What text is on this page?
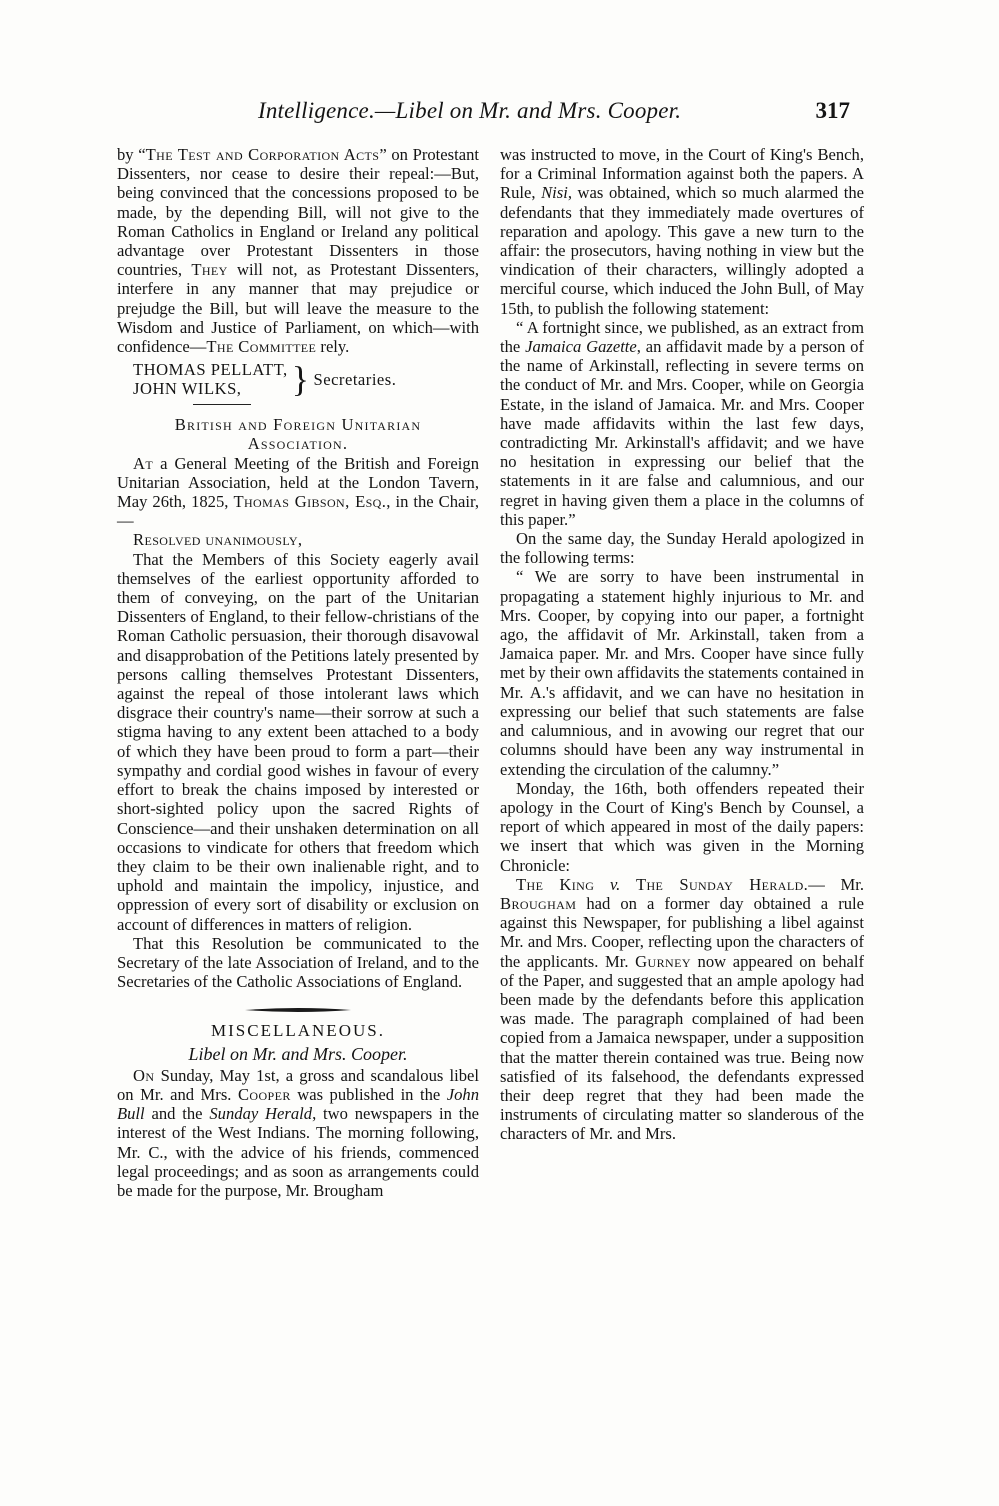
Intelligence.—Libel on Mr. and Mrs. Cooper.	317

by “The Test and Corporation Acts” on Protestant Dissenters, nor cease to desire their repeal:—But, being convinced that the concessions proposed to be made, by the depending Bill, will not give to the Roman Catholics in England or Ireland any political advantage over Protestant Dissenters in those countries, They will not, as Protestant Dissenters, interfere in any manner that may prejudice or prejudge the Bill, but will leave the measure to the Wisdom and Justice of Parliament, on which—with confidence—The Committee rely.

THOMAS PELLATT,
JOHN WILKS,	} Secretaries.

British and Foreign Unitarian

Association.

At a General Meeting of the British and Foreign Unitarian Association, held at the London Tavern, May 26th, 1825, Thomas Gibson, Esq., in the Chair,—

Resolved unanimously,

That the Members of this Society eagerly avail themselves of the earliest opportunity afforded to them of conveying, on the part of the Unitarian Dissenters of England, to their fellow-christians of the Roman Catholic persuasion, their thorough disavowal and disapprobation of the Petitions lately presented by persons calling themselves Protestant Dissenters, against the repeal of those intolerant laws which disgrace their country's name—their sorrow at such a stigma having to any extent been attached to a body of which they have been proud to form a part—their sympathy and cordial good wishes in favour of every effort to break the chains imposed by interested or short-sighted policy upon the sacred Rights of Conscience—and their unshaken determination on all occasions to vindicate for others that freedom which they claim to be their own inalienable right, and to uphold and maintain the impolicy, injustice, and oppression of every sort of disability or exclusion on account of differences in matters of religion.

That this Resolution be communicated to the Secretary of the late Association of Ireland, and to the Secretaries of the Catholic Associations of England.

MISCELLANEOUS.

Libel on Mr. and Mrs. Cooper.

On Sunday, May 1st, a gross and scandalous libel on Mr. and Mrs. Cooper was published in the John Bull and the Sunday Herald, two newspapers in the interest of the West Indians. The morning following, Mr. C., with the advice of his friends, commenced legal proceedings; and as soon as arrangements could be made for the purpose, Mr. Brougham

was instructed to move, in the Court of King's Bench, for a Criminal Information against both the papers. A Rule, Nisi, was obtained, which so much alarmed the defendants that they immediately made overtures of reparation and apology. This gave a new turn to the affair: the prosecutors, having nothing in view but the vindication of their characters, willingly adopted a merciful course, which induced the John Bull, of May 15th, to publish the following statement:

“ A fortnight since, we published, as an extract from the Jamaica Gazette, an affidavit made by a person of the name of Arkinstall, reflecting in severe terms on the conduct of Mr. and Mrs. Cooper, while on Georgia Estate, in the island of Jamaica. Mr. and Mrs. Cooper have made affidavits within the last few days, contradicting Mr. Arkinstall's affidavit; and we have no hesitation in expressing our belief that the statements in it are false and calumnious, and our regret in having given them a place in the columns of this paper.”

On the same day, the Sunday Herald apologized in the following terms:

“ We are sorry to have been instrumental in propagating a statement highly injurious to Mr. and Mrs. Cooper, by copying into our paper, a fortnight ago, the affidavit of Mr. Arkinstall, taken from a Jamaica paper. Mr. and Mrs. Cooper have since fully met by their own affidavits the statements contained in Mr. A.'s affidavit, and we can have no hesitation in expressing our belief that such statements are false and calumnious, and in avowing our regret that our columns should have been any way instrumental in extending the circulation of the calumny.”

Monday, the 16th, both offenders repeated their apology in the Court of King's Bench by Counsel, a report of which appeared in most of the daily papers: we insert that which was given in the Morning Chronicle:

The King v. The Sunday Herald.— Mr. Brougham had on a former day obtained a rule against this Newspaper, for publishing a libel against Mr. and Mrs. Cooper, reflecting upon the characters of the applicants. Mr. Gurney now appeared on behalf of the Paper, and suggested that an ample apology had been made by the defendants before this application was made. The paragraph complained of had been copied from a Jamaica newspaper, under a supposition that the matter therein contained was true. Being now satisfied of its falsehood, the defendants expressed their deep regret that they had been made the instruments of circulating matter so slanderous of the characters of Mr. and Mrs.
